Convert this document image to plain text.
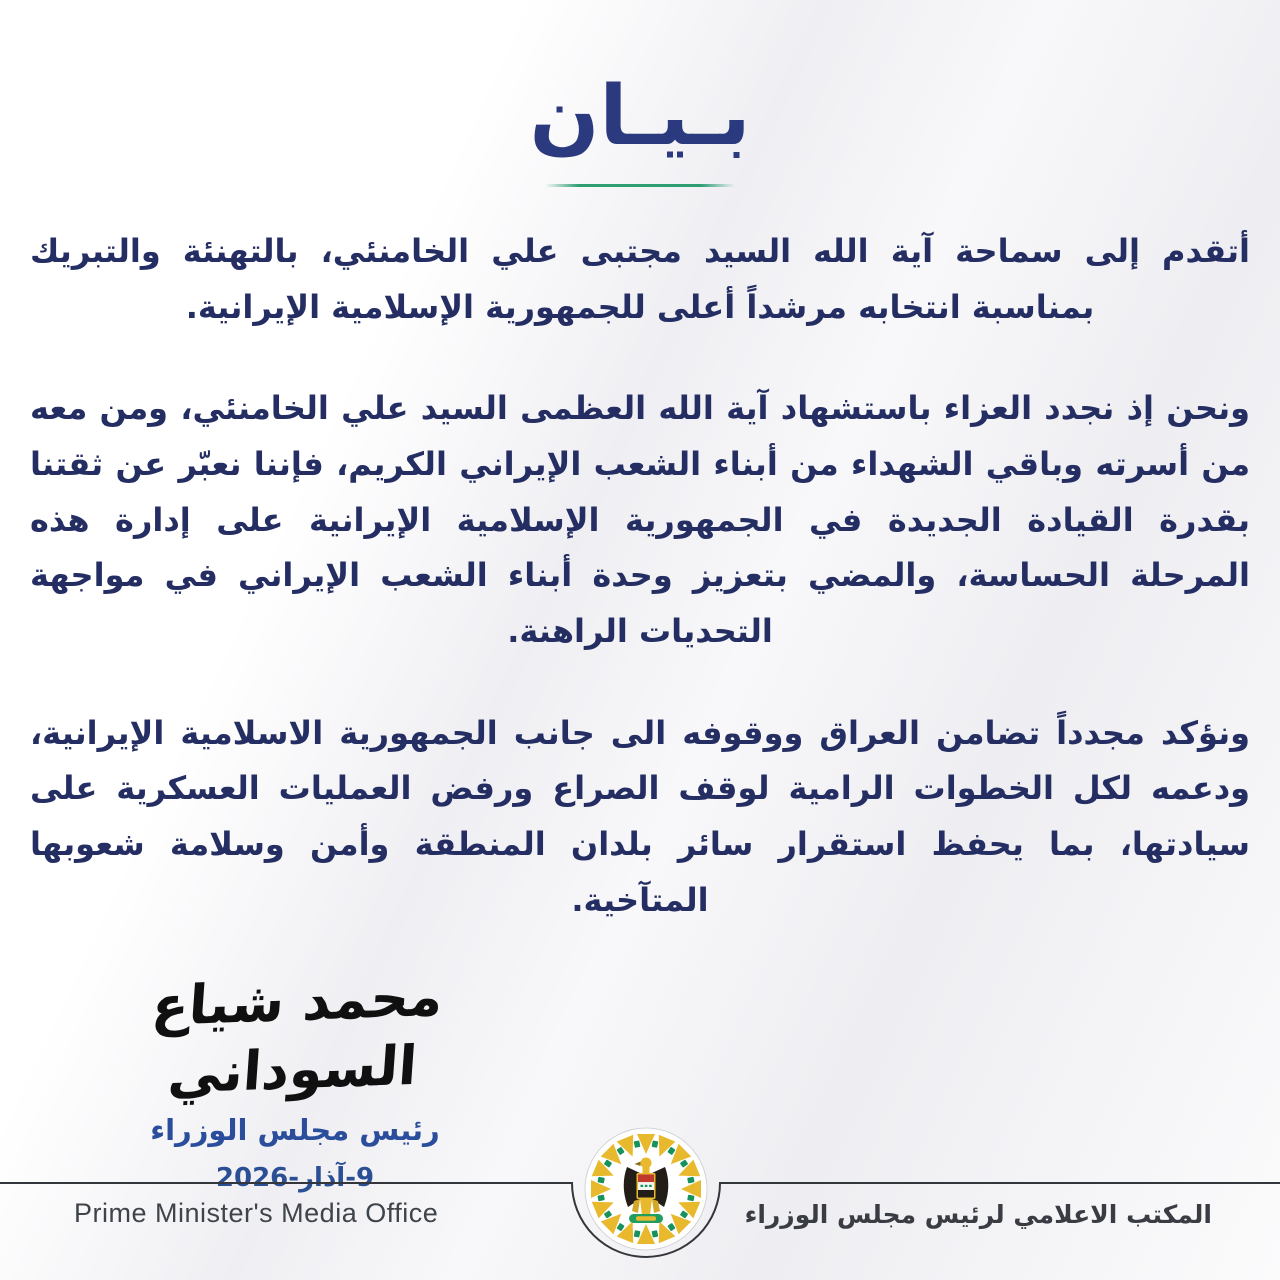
بـيـان

أتقدم إلى سماحة آية الله السيد مجتبى علي الخامنئي، بالتهنئة والتبريك بمناسبة انتخابه مرشداً أعلى للجمهورية الإسلامية الإيرانية.

ونحن إذ نجدد العزاء باستشهاد آية الله العظمى السيد علي الخامنئي، ومن معه من أسرته وباقي الشهداء من أبناء الشعب الإيراني الكريم، فإننا نعبّر عن ثقتنا بقدرة القيادة الجديدة في الجمهورية الإسلامية الإيرانية على إدارة هذه المرحلة الحساسة، والمضي بتعزيز وحدة أبناء الشعب الإيراني في مواجهة التحديات الراهنة.

ونؤكد مجدداً تضامن العراق ووقوفه الى جانب الجمهورية الاسلامية الإيرانية، ودعمه لكل الخطوات الرامية لوقف الصراع ورفض العمليات العسكرية على سيادتها، بما يحفظ استقرار سائر بلدان المنطقة وأمن وسلامة شعوبها المتآخية.

محمد شياع السوداني
رئيس مجلس الوزراء
9-آذار-2026
Prime Minister's Media Office	المكتب الاعلامي لرئيس مجلس الوزراء
